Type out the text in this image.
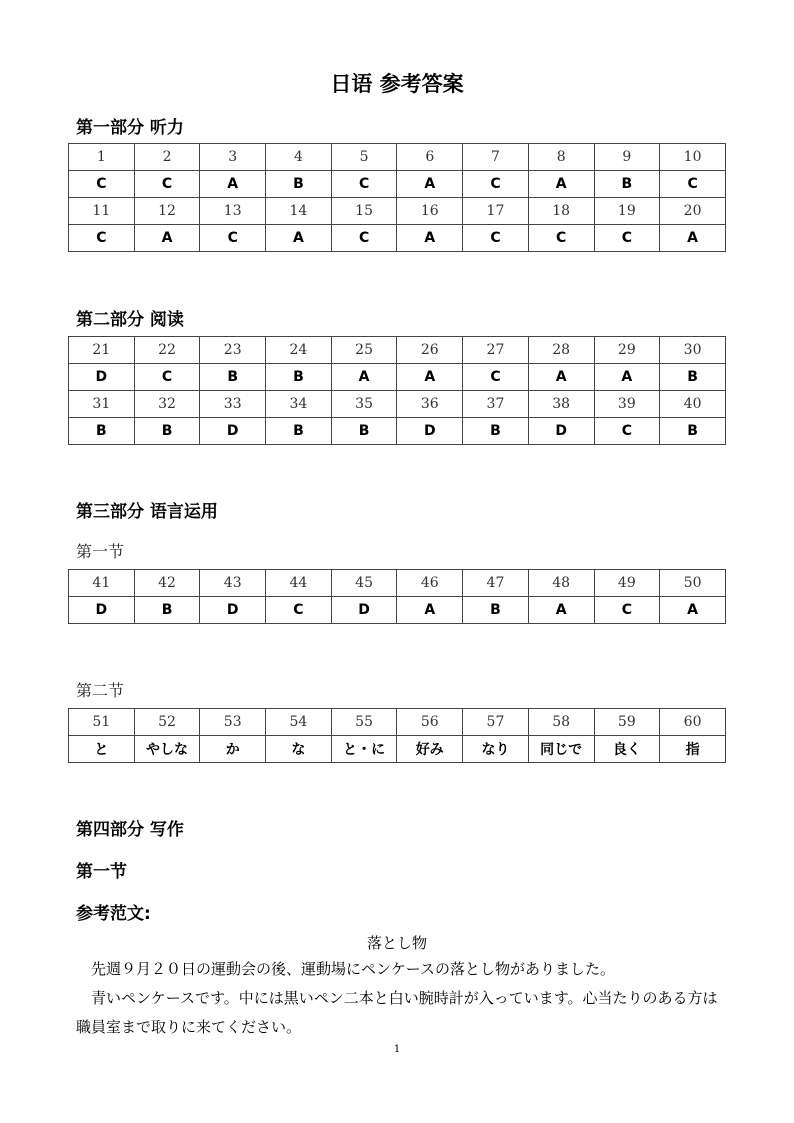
日语 参考答案
第一部分 听力
1	2	3	4	5	6	7	8	9	10
C	C	A	B	C	A	C	A	B	C
11	12	13	14	15	16	17	18	19	20
C	A	C	A	C	A	C	C	C	A
第二部分 阅读
21	22	23	24	25	26	27	28	29	30
D	C	B	B	A	A	C	A	A	B
31	32	33	34	35	36	37	38	39	40
B	B	D	B	B	D	B	D	C	B
第三部分 语言运用
第一节
41	42	43	44	45	46	47	48	49	50
D	B	D	C	D	A	B	A	C	A
第二节
51	52	53	54	55	56	57	58	59	60
と	やしな	か	な	と・に	好み	なり	同じで	良く	指
第四部分 写作
第一节
参考范文:
落とし物
先週９月２０日の運動会の後、運動場にペンケースの落とし物がありました。
青いペンケースです。中には黒いペン二本と白い腕時計が入っています。心当たりのある方は職員室まで取りに来てください。
1
